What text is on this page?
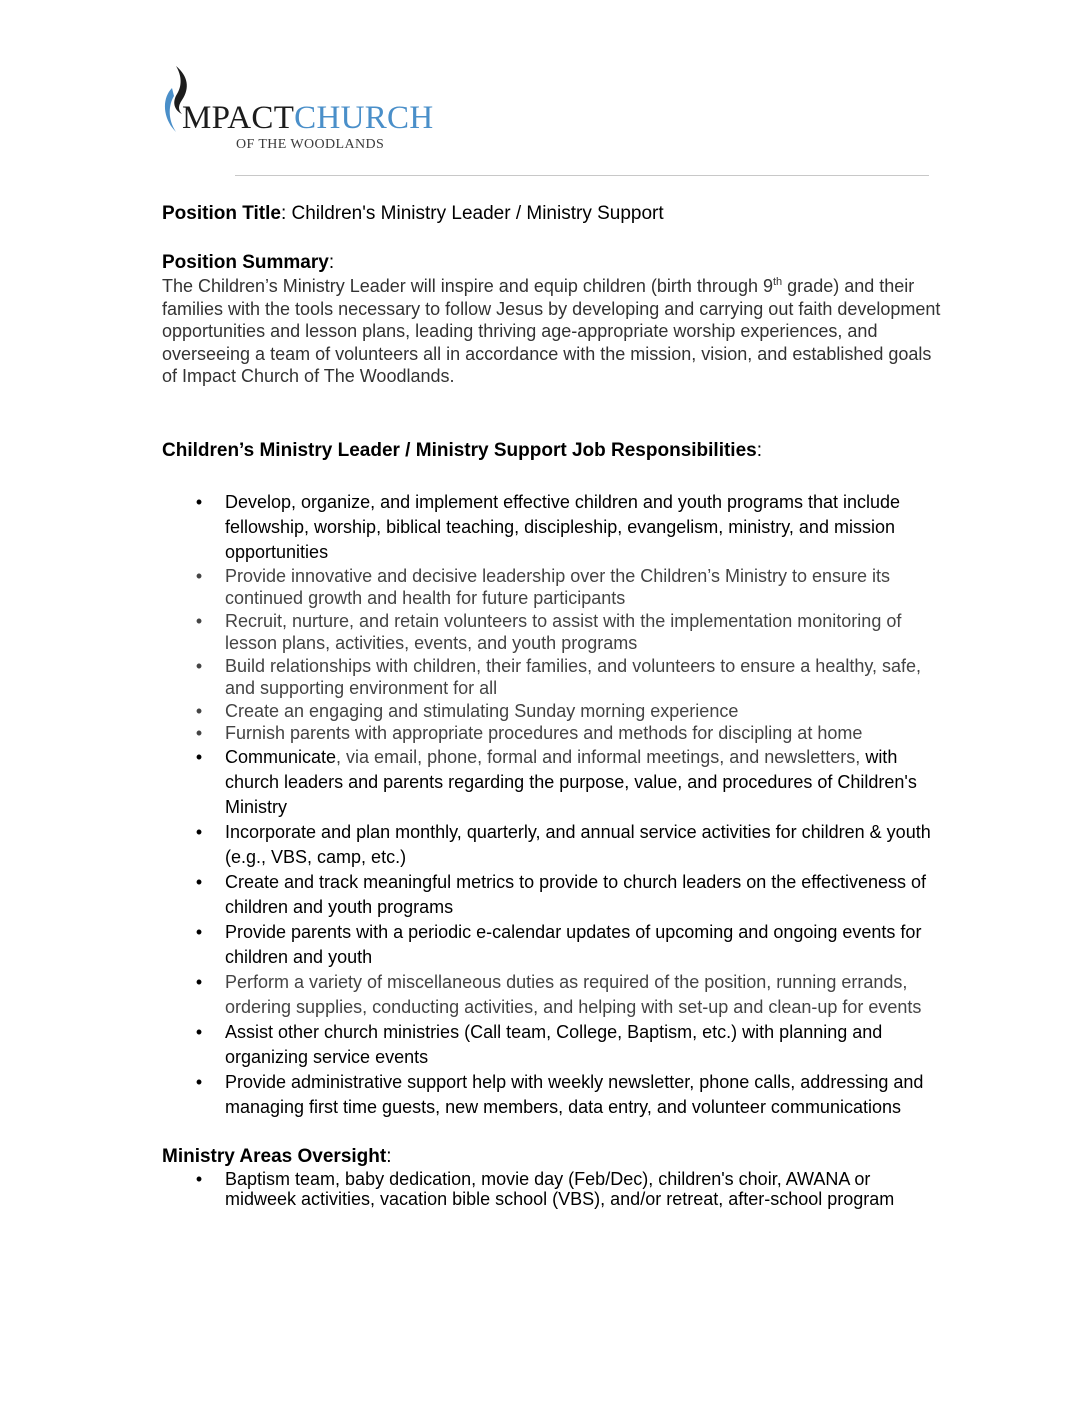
MPACTCHURCH
OF THE WOODLANDS

Position Title: Children's Ministry Leader / Ministry Support

Position Summary:

The Children’s Ministry Leader will inspire and equip children (birth through 9th grade) and their families with the tools necessary to follow Jesus by developing and carrying out faith development opportunities and lesson plans, leading thriving age-appropriate worship experiences, and overseeing a team of volunteers all in accordance with the mission, vision, and established goals of Impact Church of The Woodlands.

Children’s Ministry Leader / Ministry Support Job Responsibilities:

• Develop, organize, and implement effective children and youth programs that include fellowship, worship, biblical teaching, discipleship, evangelism, ministry, and mission opportunities
• Provide innovative and decisive leadership over the Children’s Ministry to ensure its continued growth and health for future participants
• Recruit, nurture, and retain volunteers to assist with the implementation monitoring of lesson plans, activities, events, and youth programs
• Build relationships with children, their families, and volunteers to ensure a healthy, safe, and supporting environment for all
• Create an engaging and stimulating Sunday morning experience
• Furnish parents with appropriate procedures and methods for discipling at home
• Communicate, via email, phone, formal and informal meetings, and newsletters, with church leaders and parents regarding the purpose, value, and procedures of Children's Ministry
• Incorporate and plan monthly, quarterly, and annual service activities for children & youth (e.g., VBS, camp, etc.)
• Create and track meaningful metrics to provide to church leaders on the effectiveness of children and youth programs
• Provide parents with a periodic e-calendar updates of upcoming and ongoing events for children and youth
• Perform a variety of miscellaneous duties as required of the position, running errands, ordering supplies, conducting activities, and helping with set-up and clean-up for events
• Assist other church ministries (Call team, College, Baptism, etc.) with planning and organizing service events
• Provide administrative support help with weekly newsletter, phone calls, addressing and managing first time guests, new members, data entry, and volunteer communications

Ministry Areas Oversight:

• Baptism team, baby dedication, movie day (Feb/Dec), children's choir, AWANA or midweek activities, vacation bible school (VBS), and/or retreat, after-school program
